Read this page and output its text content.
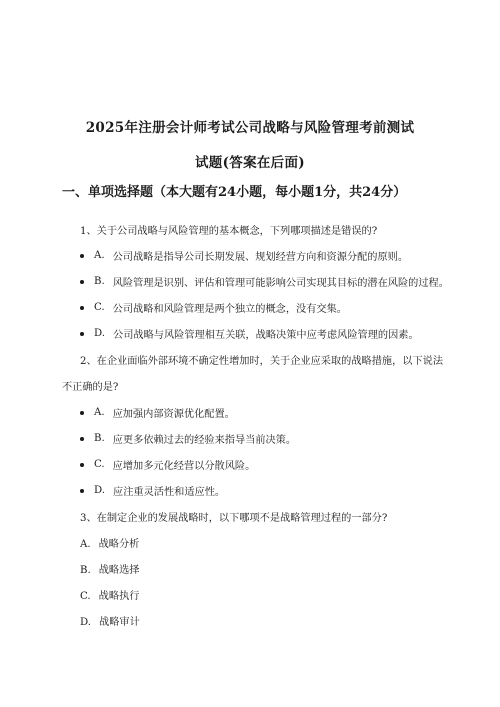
2025年注册会计师考试公司战略与风险管理考前测试
试题(答案在后面)
一、单项选择题（本大题有24小题，每小题1分，共24分）
1、关于公司战略与风险管理的基本概念，下列哪项描述是错误的?
A. 公司战略是指导公司长期发展、规划经营方向和资源分配的原则。
B. 风险管理是识别、评估和管理可能影响公司实现其目标的潜在风险的过程。
C. 公司战略和风险管理是两个独立的概念，没有交集。
D. 公司战略与风险管理相互关联，战略决策中应考虑风险管理的因素。
2、在企业面临外部环境不确定性增加时，关于企业应采取的战略措施，以下说法
不正确的是?
A. 应加强内部资源优化配置。
B. 应更多依赖过去的经验来指导当前决策。
C. 应增加多元化经营以分散风险。
D. 应注重灵活性和适应性。
3、在制定企业的发展战略时，以下哪项不是战略管理过程的一部分?
A. 战略分析
B. 战略选择
C. 战略执行
D. 战略审计
